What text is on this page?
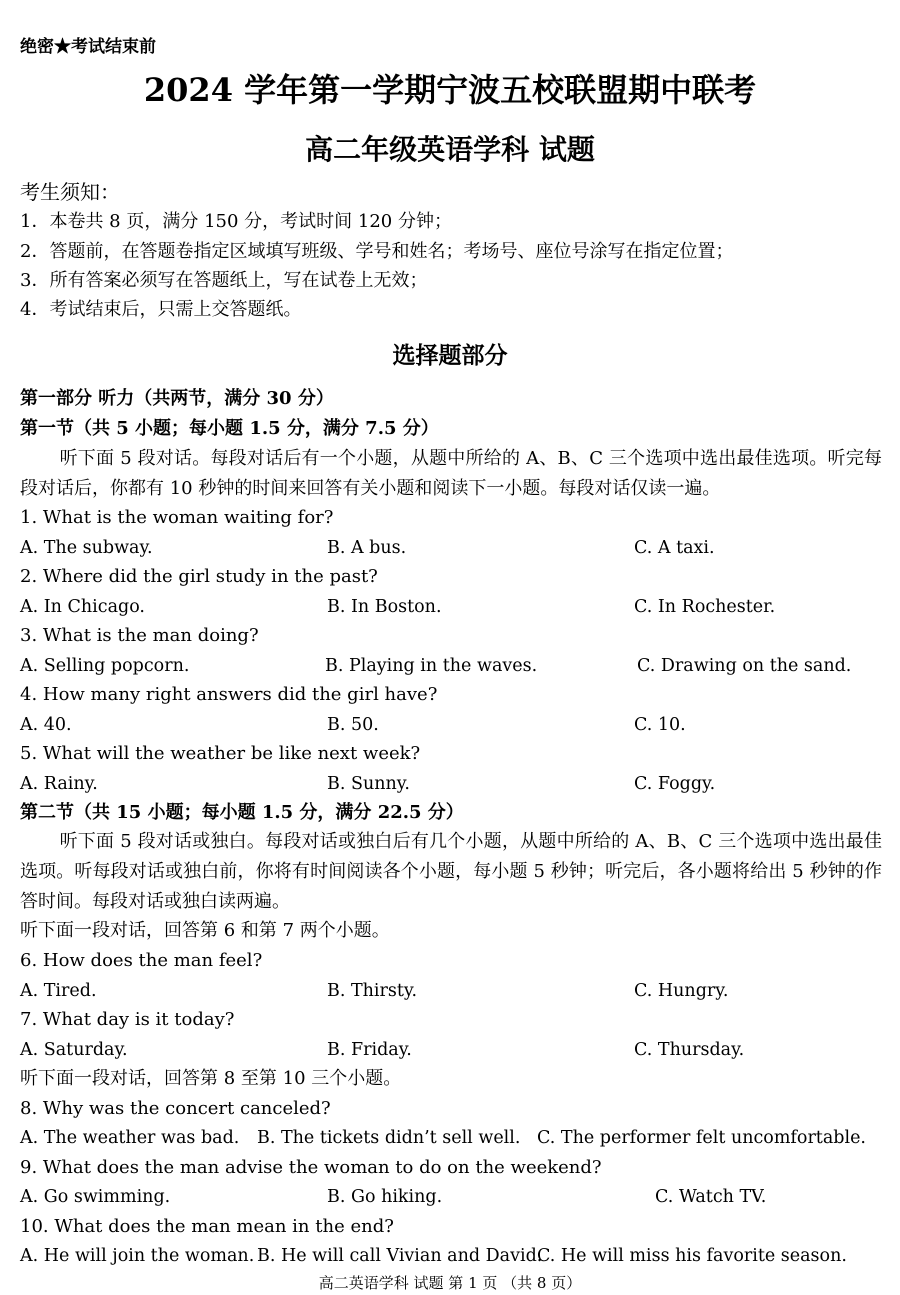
绝密★考试结束前
2024 学年第一学期宁波五校联盟期中联考
高二年级英语学科 试题
考生须知：
1．本卷共 8 页，满分 150 分，考试时间 120 分钟；
2．答题前，在答题卷指定区域填写班级、学号和姓名；考场号、座位号涂写在指定位置；
3．所有答案必须写在答题纸上，写在试卷上无效；
4．考试结束后，只需上交答题纸。
选择题部分
第一部分 听力（共两节，满分 30 分）
第一节（共 5 小题；每小题 1.5 分，满分 7.5 分）
听下面 5 段对话。每段对话后有一个小题，从题中所给的 A、B、C 三个选项中选出最佳选项。听完每段对话后，你都有 10 秒钟的时间来回答有关小题和阅读下一小题。每段对话仅读一遍。
1. What is the woman waiting for?
A. The subway.	B. A bus.	C. A taxi.
2. Where did the girl study in the past?
A. In Chicago.	B. In Boston.	C. In Rochester.
3. What is the man doing?
A. Selling popcorn.	B. Playing in the waves.	C. Drawing on the sand.
4. How many right answers did the girl have?
A. 40.	B. 50.	C. 10.
5. What will the weather be like next week?
A. Rainy.	B. Sunny.	C. Foggy.
第二节（共 15 小题；每小题 1.5 分，满分 22.5 分）
听下面 5 段对话或独白。每段对话或独白后有几个小题，从题中所给的 A、B、C 三个选项中选出最佳选项。听每段对话或独白前，你将有时间阅读各个小题，每小题 5 秒钟；听完后，各小题将给出 5 秒钟的作答时间。每段对话或独白读两遍。
听下面一段对话，回答第 6 和第 7 两个小题。
6. How does the man feel?
A. Tired.	B. Thirsty.	C. Hungry.
7. What day is it today?
A. Saturday.	B. Friday.	C. Thursday.
听下面一段对话，回答第 8 至第 10 三个小题。
8. Why was the concert canceled?
A. The weather was bad. B. The tickets didn’t sell well. C. The performer felt uncomfortable.
9. What does the man advise the woman to do on the weekend?
A. Go swimming.	B. Go hiking.	C. Watch TV.
10. What does the man mean in the end?
A. He will join the woman. B. He will call Vivian and David.
C. He will miss his favorite season.
高二英语学科 试题 第 1 页 （共 8 页）
